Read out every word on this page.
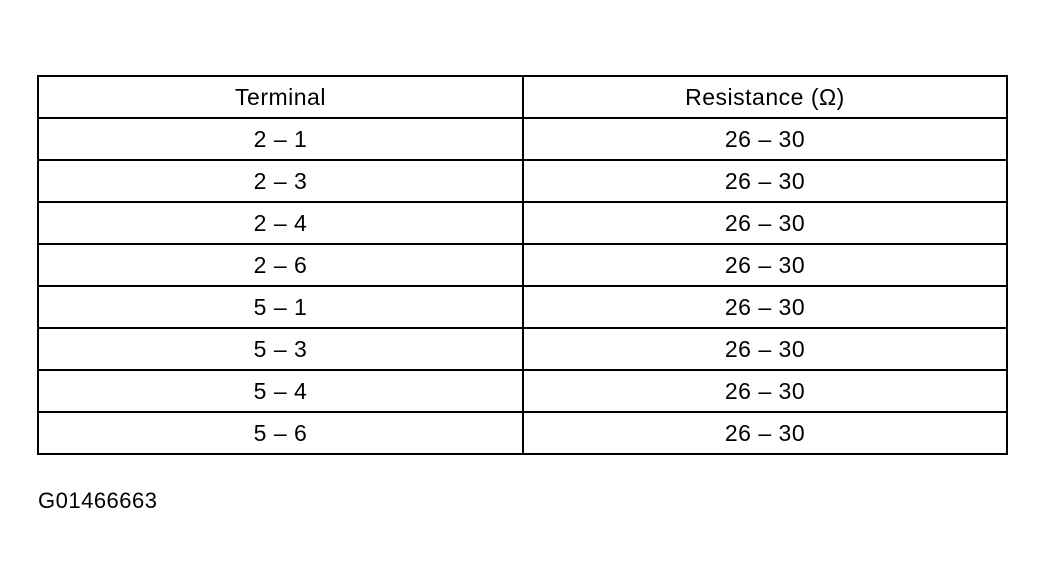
Terminal	Resistance (Ω)
2 – 1	26 – 30
2 – 3	26 – 30
2 – 4	26 – 30
2 – 6	26 – 30
5 – 1	26 – 30
5 – 3	26 – 30
5 – 4	26 – 30
5 – 6	26 – 30
G01466663
